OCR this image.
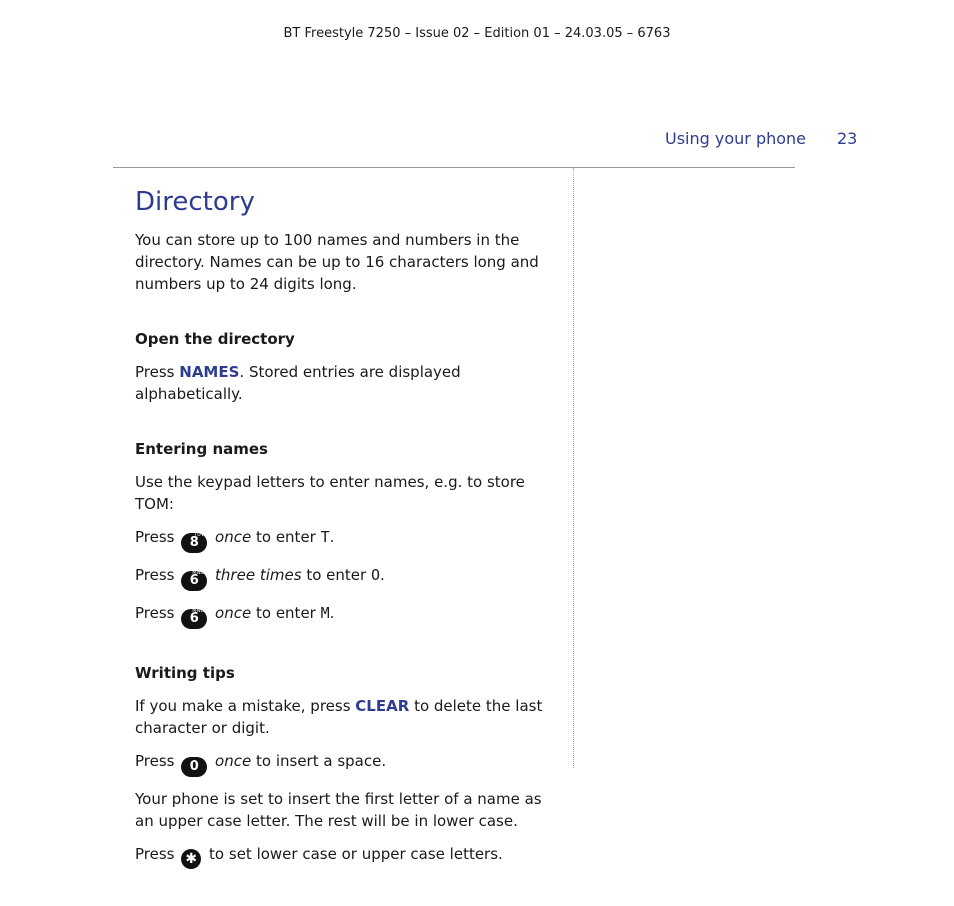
BT Freestyle 7250 – Issue 02 – Edition 01 – 24.03.05 – 6763
Using your phone 23
Directory

You can store up to 100 names and numbers in the directory. Names can be up to 16 characters long and numbers up to 24 digits long.

Open the directory

Press NAMES. Stored entries are displayed alphabetically.

Entering names

Use the keypad letters to enter names, e.g. to store TOM:

Press	TUV
8 once to enter T.

Press	MNO
6 three times to enter O.

Press	MNO
6 once to enter M.

Writing tips

If you make a mistake, press CLEAR to delete the last character or digit.

Press 0 once to insert a space.

Your phone is set to insert the first letter of a name as an upper case letter. The rest will be in lower case.

Press ✱ to set lower case or upper case letters.
